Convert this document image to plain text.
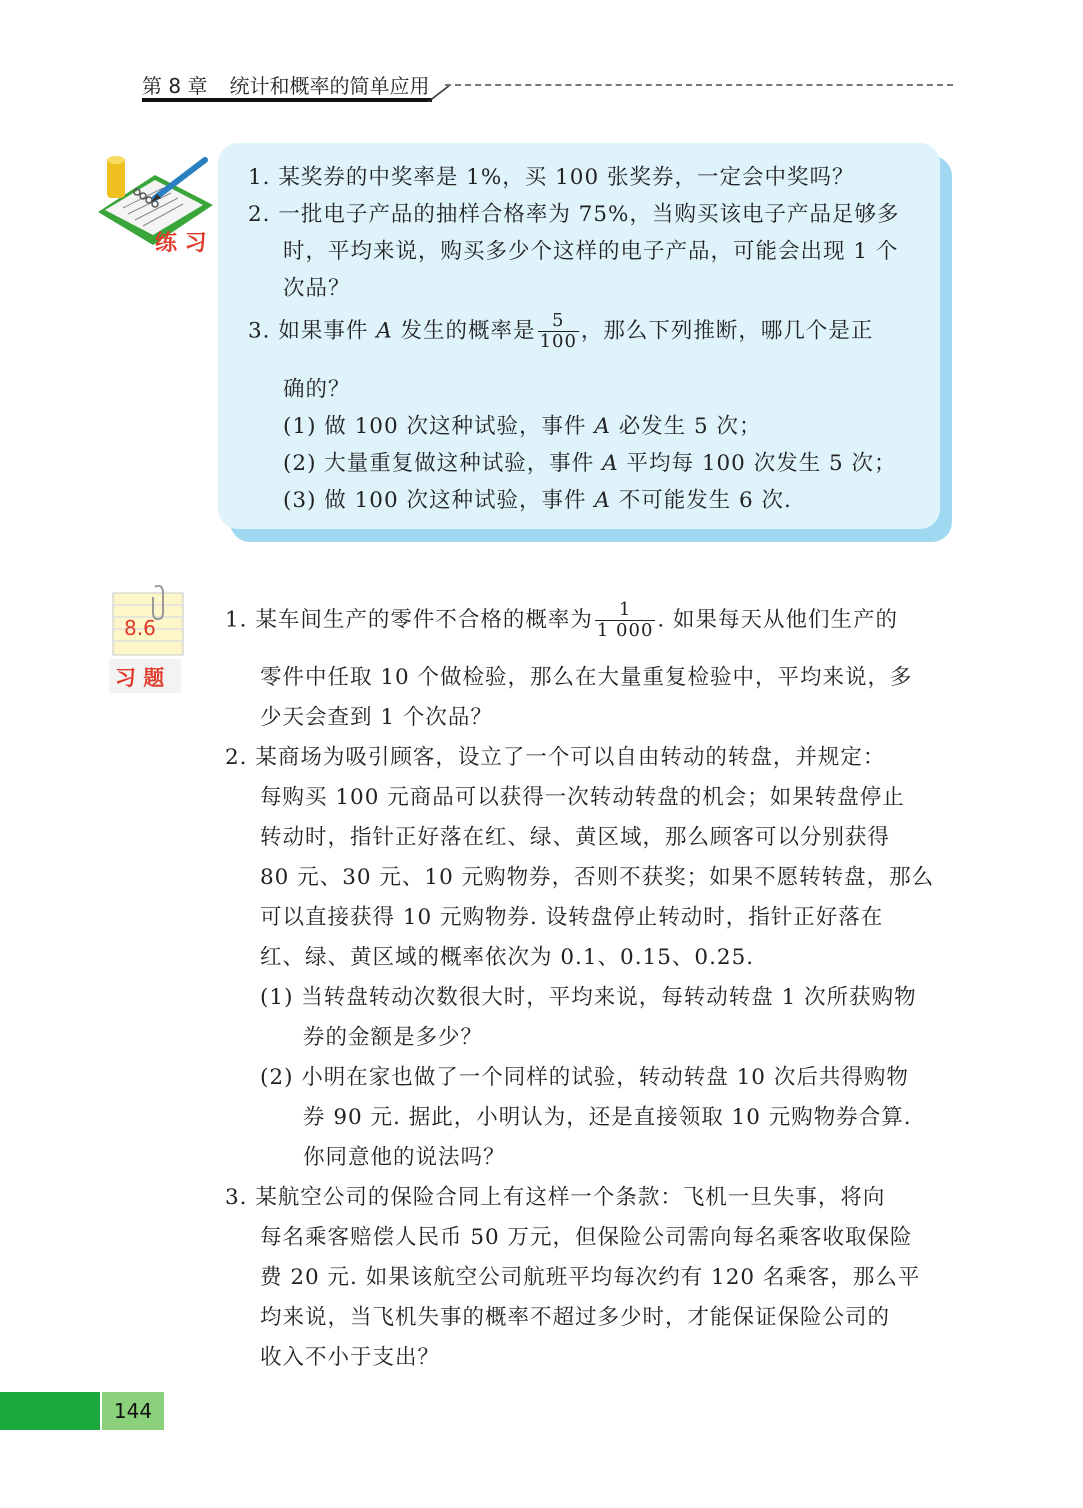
第 8 章 统计和概率的简单应用
练 习
1. 某奖券的中奖率是 1%，买 100 张奖券，一定会中奖吗？
2. 一批电子产品的抽样合格率为 75%，当购买该电子产品足够多
时，平均来说，购买多少个这样的电子产品，可能会出现 1 个
次品？
3. 如果事件 A 发生的概率是 $\frac{5}{100}$ ，那么下列推断，哪几个是正
确的？
(1) 做 100 次这种试验，事件 A 必发生 5 次；
(2) 大量重复做这种试验，事件 A 平均每 100 次发生 5 次；
(3) 做 100 次这种试验，事件 A 不可能发生 6 次.
8.6
习 题
1. 某车间生产的零件不合格的概率为 $\frac{1}{1 000}$ . 如果每天从他们生产的
零件中任取 10 个做检验，那么在大量重复检验中，平均来说，多
少天会查到 1 个次品？
2. 某商场为吸引顾客，设立了一个可以自由转动的转盘，并规定：
每购买 100 元商品可以获得一次转动转盘的机会；如果转盘停止
转动时，指针正好落在红、绿、黄区域，那么顾客可以分别获得
80 元、30 元、10 元购物券，否则不获奖；如果不愿转转盘，那么
可以直接获得 10 元购物券. 设转盘停止转动时，指针正好落在
红、绿、黄区域的概率依次为 0.1、0.15、0.25.
(1) 当转盘转动次数很大时，平均来说，每转动转盘 1 次所获购物
券的金额是多少？
(2) 小明在家也做了一个同样的试验，转动转盘 10 次后共得购物
券 90 元. 据此，小明认为，还是直接领取 10 元购物券合算.
你同意他的说法吗？
3. 某航空公司的保险合同上有这样一个条款：飞机一旦失事，将向
每名乘客赔偿人民币 50 万元，但保险公司需向每名乘客收取保险
费 20 元. 如果该航空公司航班平均每次约有 120 名乘客，那么平
均来说，当飞机失事的概率不超过多少时，才能保证保险公司的
收入不小于支出？
144
